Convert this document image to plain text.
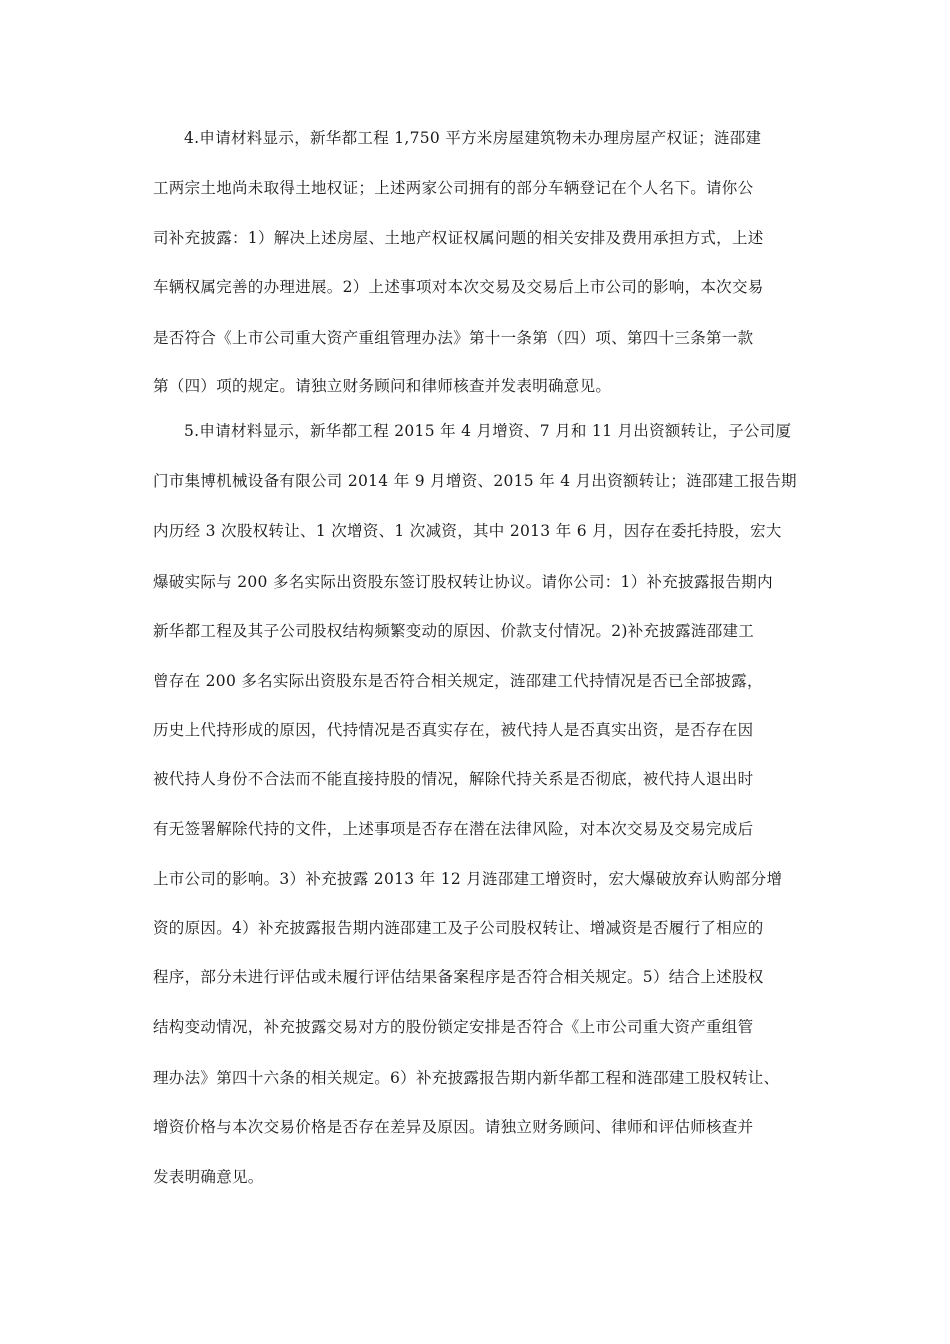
4.申请材料显示，新华都工程 1,750 平方米房屋建筑物未办理房屋产权证；涟邵建
工两宗土地尚未取得土地权证；上述两家公司拥有的部分车辆登记在个人名下。请你公
司补充披露：1）解决上述房屋、土地产权证权属问题的相关安排及费用承担方式，上述
车辆权属完善的办理进展。2）上述事项对本次交易及交易后上市公司的影响，本次交易
是否符合《上市公司重大资产重组管理办法》第十一条第（四）项、第四十三条第一款
第（四）项的规定。请独立财务顾问和律师核查并发表明确意见。
5.申请材料显示，新华都工程 2015 年 4 月增资、7 月和 11 月出资额转让，子公司厦
门市集博机械设备有限公司 2014 年 9 月增资、2015 年 4 月出资额转让；涟邵建工报告期
内历经 3 次股权转让、1 次增资、1 次减资，其中 2013 年 6 月，因存在委托持股，宏大
爆破实际与 200 多名实际出资股东签订股权转让协议。请你公司：1）补充披露报告期内
新华都工程及其子公司股权结构频繁变动的原因、价款支付情况。2)补充披露涟邵建工
曾存在 200 多名实际出资股东是否符合相关规定，涟邵建工代持情况是否已全部披露，
历史上代持形成的原因，代持情况是否真实存在，被代持人是否真实出资，是否存在因
被代持人身份不合法而不能直接持股的情况，解除代持关系是否彻底，被代持人退出时
有无签署解除代持的文件，上述事项是否存在潜在法律风险，对本次交易及交易完成后
上市公司的影响。3）补充披露 2013 年 12 月涟邵建工增资时，宏大爆破放弃认购部分增
资的原因。4）补充披露报告期内涟邵建工及子公司股权转让、增减资是否履行了相应的
程序，部分未进行评估或未履行评估结果备案程序是否符合相关规定。5）结合上述股权
结构变动情况，补充披露交易对方的股份锁定安排是否符合《上市公司重大资产重组管
理办法》第四十六条的相关规定。6）补充披露报告期内新华都工程和涟邵建工股权转让、
增资价格与本次交易价格是否存在差异及原因。请独立财务顾问、律师和评估师核查并
发表明确意见。
